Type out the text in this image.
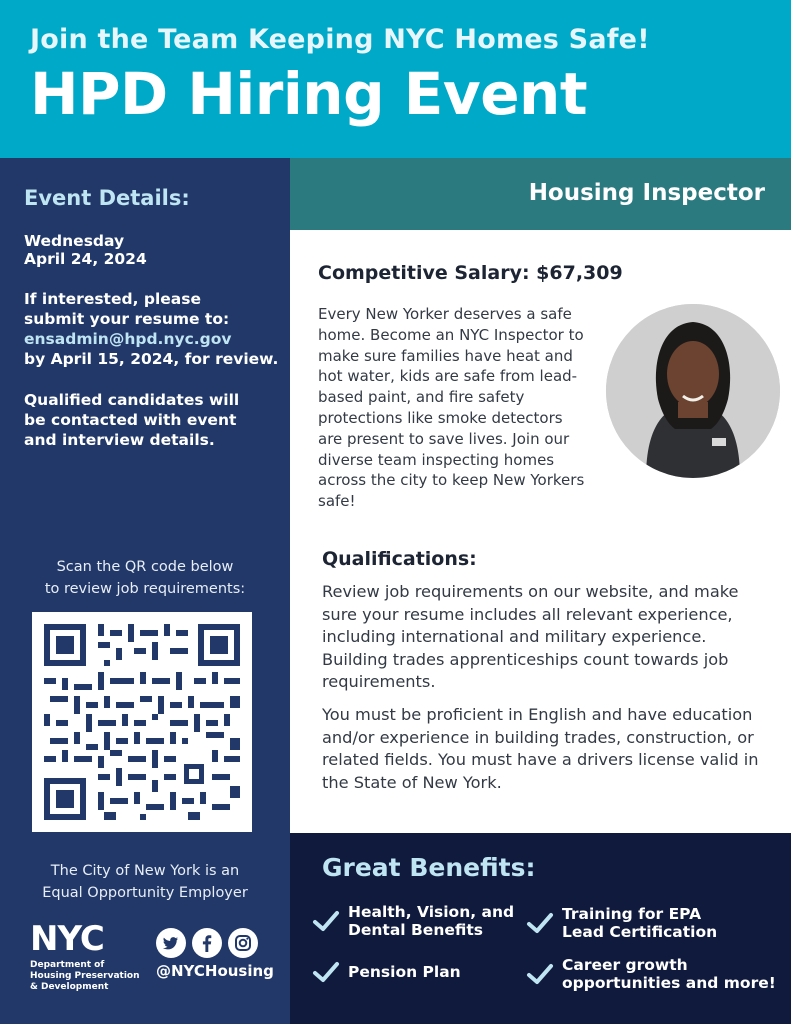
Join the Team Keeping NYC Homes Safe!
HPD Hiring Event
Event Details:
Wednesday
April 24, 2024
If interested, please
submit your resume to:
ensadmin@hpd.nyc.gov
by April 15, 2024, for review.
Qualified candidates will
be contacted with event
and interview details.
Scan the QR code below
to review job requirements:
The City of New York is an
Equal Opportunity Employer
NYC
Department of
Housing Preservation
& Development
@NYCHousing
Housing Inspector
Competitive Salary: $67,309
Every New Yorker deserves a safe home. Become an NYC Inspector to make sure families have heat and hot water, kids are safe from lead-based paint, and fire safety protections like smoke detectors are present to save lives. Join our diverse team inspecting homes across the city to keep New Yorkers safe!
Qualifications:
Review job requirements on our website, and make sure your resume includes all relevant experience, including international and military experience. Building trades apprenticeships count towards job requirements.
You must be proficient in English and have education and/or experience in building trades, construction, or related fields. You must have a drivers license valid in the State of New York.
Great Benefits:
Health, Vision, and
Dental Benefits
Training for EPA
Lead Certification
Pension Plan	Career growth
opportunities and more!
